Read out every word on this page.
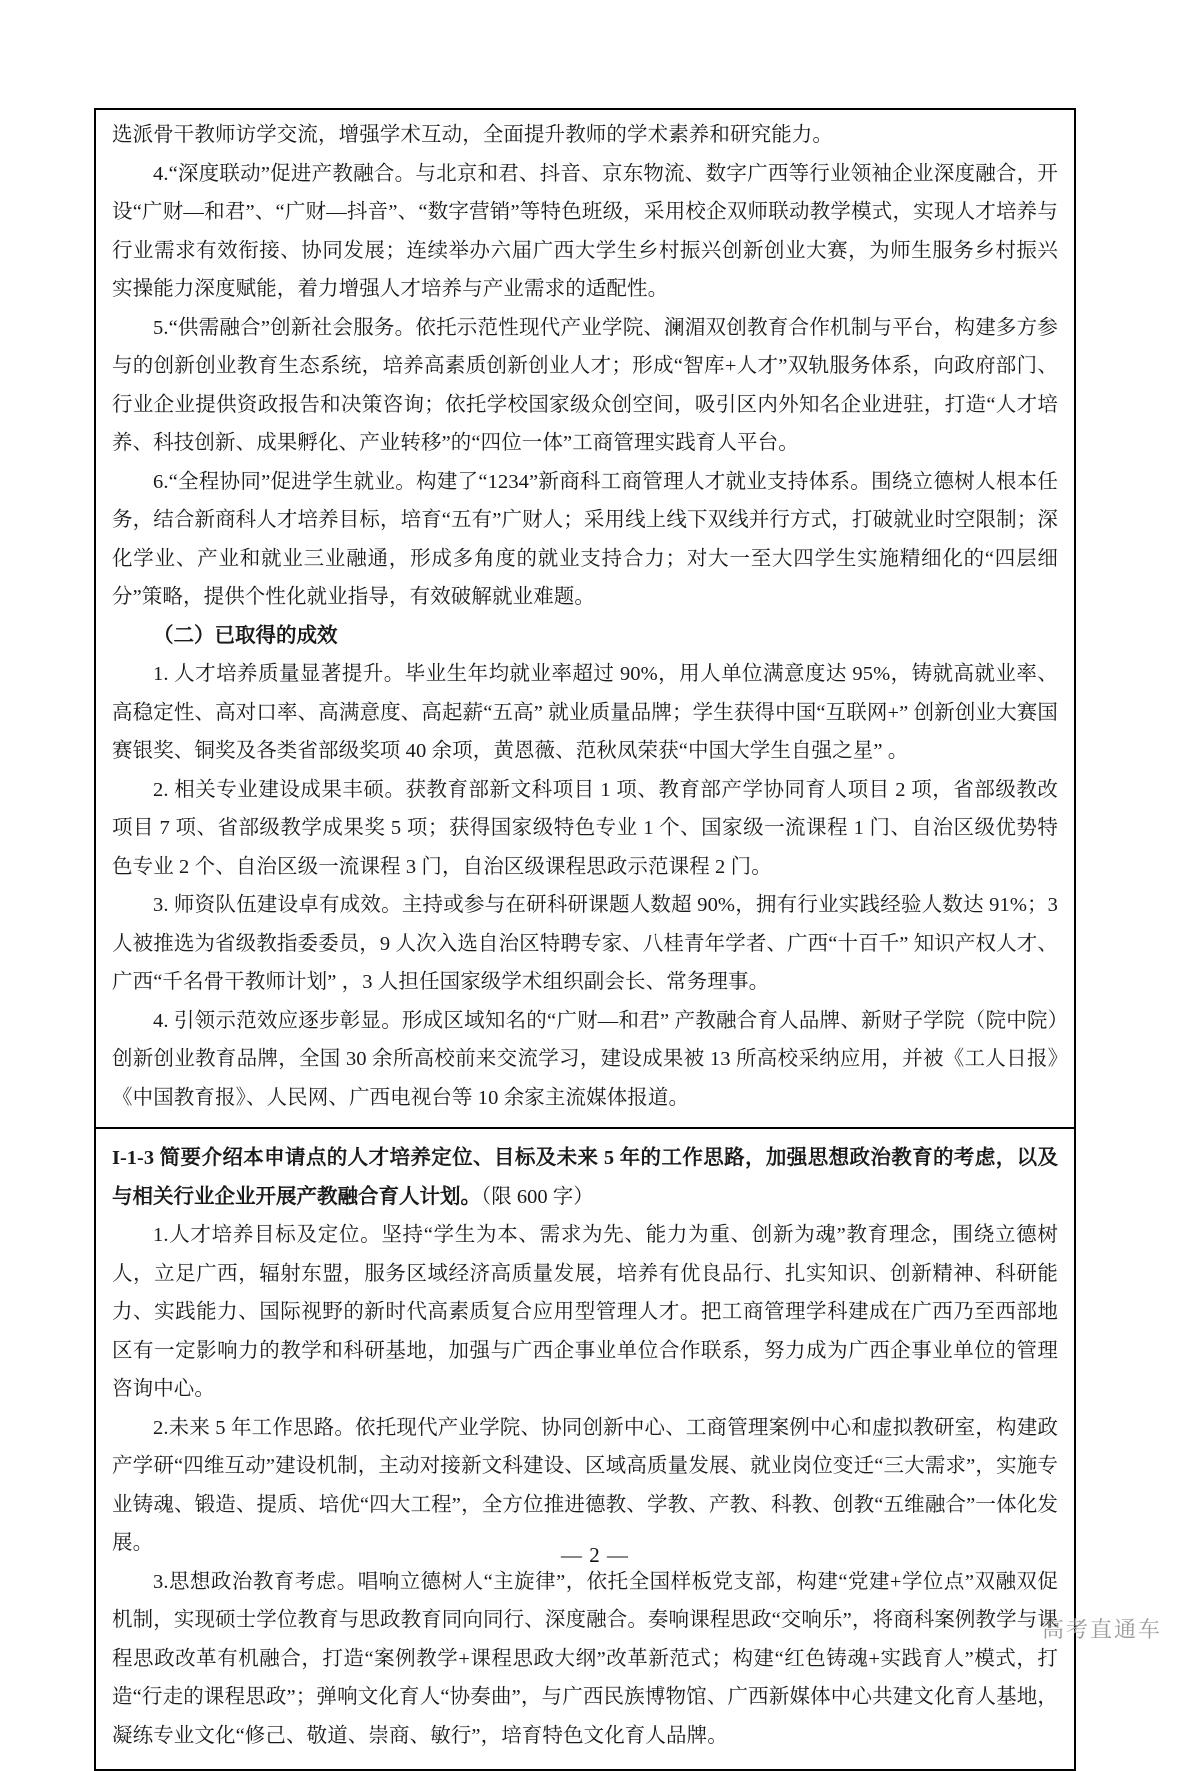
选派骨干教师访学交流，增强学术互动，全面提升教师的学术素养和研究能力。

4.“深度联动”促进产教融合。与北京和君、抖音、京东物流、数字广西等行业领袖企业深度融合，开设“广财—和君”、“广财—抖音”、“数字营销”等特色班级，采用校企双师联动教学模式，实现人才培养与行业需求有效衔接、协同发展；连续举办六届广西大学生乡村振兴创新创业大赛，为师生服务乡村振兴实操能力深度赋能，着力增强人才培养与产业需求的适配性。

5.“供需融合”创新社会服务。依托示范性现代产业学院、澜湄双创教育合作机制与平台，构建多方参与的创新创业教育生态系统，培养高素质创新创业人才；形成“智库+人才”双轨服务体系，向政府部门、行业企业提供资政报告和决策咨询；依托学校国家级众创空间，吸引区内外知名企业进驻，打造“人才培养、科技创新、成果孵化、产业转移”的“四位一体”工商管理实践育人平台。

6.“全程协同”促进学生就业。构建了“1234”新商科工商管理人才就业支持体系。围绕立德树人根本任务，结合新商科人才培养目标，培育“五有”广财人；采用线上线下双线并行方式，打破就业时空限制；深化学业、产业和就业三业融通，形成多角度的就业支持合力；对大一至大四学生实施精细化的“四层细分”策略，提供个性化就业指导，有效破解就业难题。

（二）已取得的成效

1. 人才培养质量显著提升。毕业生年均就业率超过 90%，用人单位满意度达 95%，铸就高就业率、高稳定性、高对口率、高满意度、高起薪“五高” 就业质量品牌；学生获得中国“互联网+” 创新创业大赛国赛银奖、铜奖及各类省部级奖项 40 余项，黄恩薇、范秋凤荣获“中国大学生自强之星” 。

2. 相关专业建设成果丰硕。获教育部新文科项目 1 项、教育部产学协同育人项目 2 项，省部级教改项目 7 项、省部级教学成果奖 5 项；获得国家级特色专业 1 个、国家级一流课程 1 门、自治区级优势特色专业 2 个、自治区级一流课程 3 门，自治区级课程思政示范课程 2 门。

3. 师资队伍建设卓有成效。主持或参与在研科研课题人数超 90%，拥有行业实践经验人数达 91%；3 人被推选为省级教指委委员，9 人次入选自治区特聘专家、八桂青年学者、广西“十百千” 知识产权人才、广西“千名骨干教师计划” ，3 人担任国家级学术组织副会长、常务理事。

4. 引领示范效应逐步彰显。形成区域知名的“广财—和君” 产教融合育人品牌、新财子学院（院中院）创新创业教育品牌，全国 30 余所高校前来交流学习，建设成果被 13 所高校采纳应用，并被《工人日报》《中国教育报》、人民网、广西电视台等 10 余家主流媒体报道。

I-1-3 简要介绍本申请点的人才培养定位、目标及未来 5 年的工作思路，加强思想政治教育的考虑，以及与相关行业企业开展产教融合育人计划。（限 600 字）

1.人才培养目标及定位。坚持“学生为本、需求为先、能力为重、创新为魂”教育理念，围绕立德树人，立足广西，辐射东盟，服务区域经济高质量发展，培养有优良品行、扎实知识、创新精神、科研能力、实践能力、国际视野的新时代高素质复合应用型管理人才。把工商管理学科建成在广西乃至西部地区有一定影响力的教学和科研基地，加强与广西企事业单位合作联系，努力成为广西企事业单位的管理咨询中心。

2.未来 5 年工作思路。依托现代产业学院、协同创新中心、工商管理案例中心和虚拟教研室，构建政产学研“四维互动”建设机制，主动对接新文科建设、区域高质量发展、就业岗位变迁“三大需求”，实施专业铸魂、锻造、提质、培优“四大工程”，全方位推进德教、学教、产教、科教、创教“五维融合”一体化发展。

3.思想政治教育考虑。唱响立德树人“主旋律”，依托全国样板党支部，构建“党建+学位点”双融双促机制，实现硕士学位教育与思政教育同向同行、深度融合。奏响课程思政“交响乐”，将商科案例教学与课程思政改革有机融合，打造“案例教学+课程思政大纲”改革新范式；构建“红色铸魂+实践育人”模式，打造“行走的课程思政”；弹响文化育人“协奏曲”，与广西民族博物馆、广西新媒体中心共建文化育人基地，凝练专业文化“修己、敬道、崇商、敏行”，培育特色文化育人品牌。

— 2 —
高考直通车
